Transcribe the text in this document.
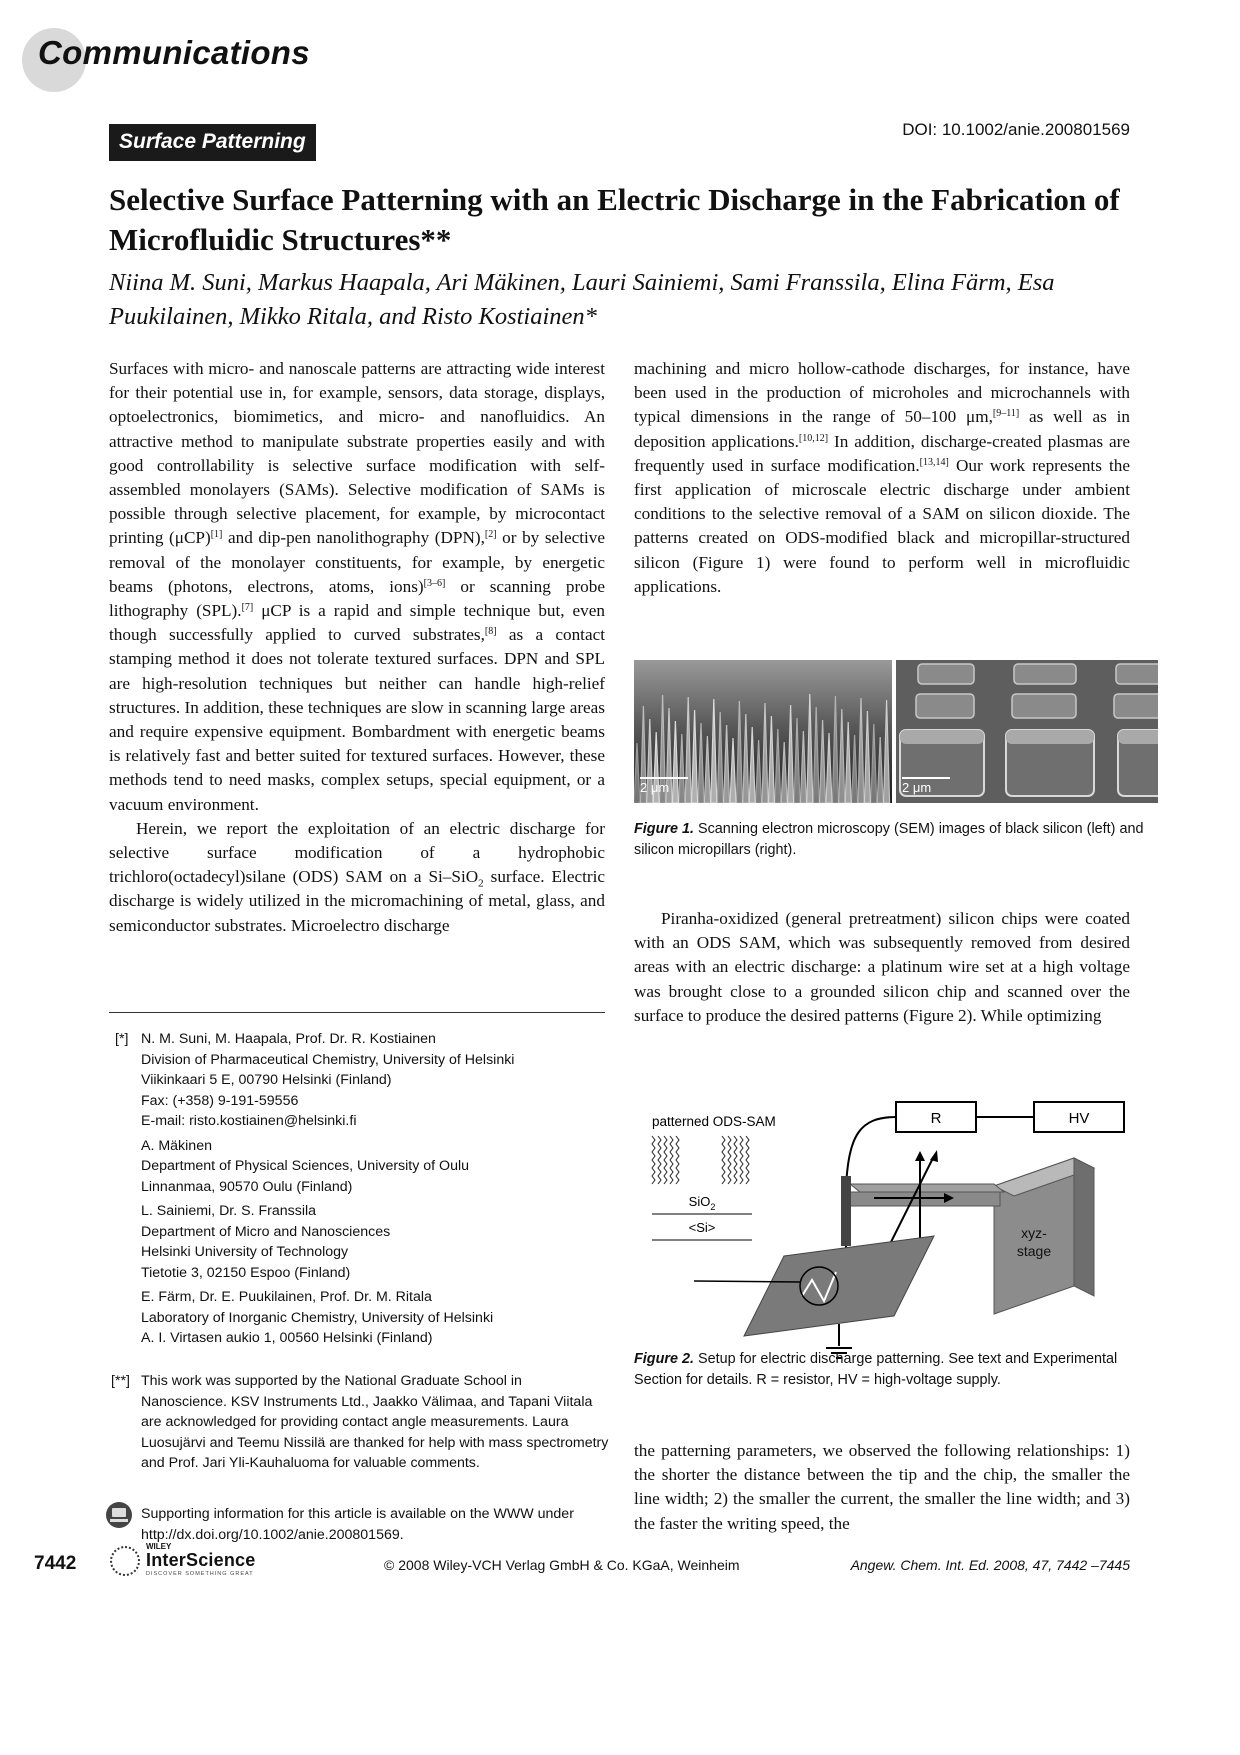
Communications
Surface Patterning
DOI: 10.1002/anie.200801569
Selective Surface Patterning with an Electric Discharge in the Fabrication of Microfluidic Structures**
Niina M. Suni, Markus Haapala, Ari Mäkinen, Lauri Sainiemi, Sami Franssila, Elina Färm, Esa Puukilainen, Mikko Ritala, and Risto Kostiainen*

Surfaces with micro- and nanoscale patterns are attracting wide interest for their potential use in, for example, sensors, data storage, displays, optoelectronics, biomimetics, and micro- and nanofluidics. An attractive method to manipulate substrate properties easily and with good controllability is selective surface modification with self-assembled monolayers (SAMs). Selective modification of SAMs is possible through selective placement, for example, by microcontact printing (μCP)[1] and dip-pen nanolithography (DPN),[2] or by selective removal of the monolayer constituents, for example, by energetic beams (photons, electrons, atoms, ions)[3–6] or scanning probe lithography (SPL).[7] μCP is a rapid and simple technique but, even though successfully applied to curved substrates,[8] as a contact stamping method it does not tolerate textured surfaces. DPN and SPL are high-resolution techniques but neither can handle high-relief structures. In addition, these techniques are slow in scanning large areas and require expensive equipment. Bombardment with energetic beams is relatively fast and better suited for textured surfaces. However, these methods tend to need masks, complex setups, special equipment, or a vacuum environment.

Herein, we report the exploitation of an electric discharge for selective surface modification of a hydrophobic trichloro(octadecyl)silane (ODS) SAM on a Si–SiO$_2$ surface. Electric discharge is widely utilized in the micromachining of metal, glass, and semiconductor substrates. Microelectro discharge

machining and micro hollow-cathode discharges, for instance, have been used in the production of microholes and microchannels with typical dimensions in the range of 50–100 μm,[9–11] as well as in deposition applications.[10,12] In addition, discharge-created plasmas are frequently used in surface modification.[13,14] Our work represents the first application of microscale electric discharge under ambient conditions to the selective removal of a SAM on silicon dioxide. The patterns created on ODS-modified black and micropillar-structured silicon (Figure 1) were found to perform well in microfluidic applications.

2 μm	2 μm
Figure 1. Scanning electron microscopy (SEM) images of black silicon (left) and silicon micropillars (right).

Piranha-oxidized (general pretreatment) silicon chips were coated with an ODS SAM, which was subsequently removed from desired areas with an electric discharge: a platinum wire set at a high voltage was brought close to a grounded silicon chip and scanned over the surface to produce the desired patterns (Figure 2). While optimizing

R	HV
xyz-
stage
patterned ODS-SAM
SiO$_2$
<Si>
Figure 2. Setup for electric discharge patterning. See text and Experimental Section for details. R = resistor, HV = high-voltage supply.

the patterning parameters, we observed the following relationships: 1) the shorter the distance between the tip and the chip, the smaller the line width; 2) the smaller the current, the smaller the line width; and 3) the faster the writing speed, the

[*] N. M. Suni, M. Haapala, Prof. Dr. R. Kostiainen
Division of Pharmaceutical Chemistry, University of Helsinki
Viikinkaari 5 E, 00790 Helsinki (Finland)
Fax: (+358) 9-191-59556
E-mail: risto.kostiainen@helsinki.fi
A. Mäkinen
Department of Physical Sciences, University of Oulu
Linnanmaa, 90570 Oulu (Finland)
L. Sainiemi, Dr. S. Franssila
Department of Micro and Nanosciences
Helsinki University of Technology
Tietotie 3, 02150 Espoo (Finland)
E. Färm, Dr. E. Puukilainen, Prof. Dr. M. Ritala
Laboratory of Inorganic Chemistry, University of Helsinki
A. I. Virtasen aukio 1, 00560 Helsinki (Finland)
[**] This work was supported by the National Graduate School in Nanoscience. KSV Instruments Ltd., Jaakko Välimaa, and Tapani Viitala are acknowledged for providing contact angle measurements. Laura Luosujärvi and Teemu Nissilä are thanked for help with mass spectrometry and Prof. Jari Yli-Kauhaluoma for valuable comments.
Supporting information for this article is available on the WWW under http://dx.doi.org/10.1002/anie.200801569.
7442
WILEY
InterScience
DISCOVER SOMETHING GREAT
© 2008 Wiley-VCH Verlag GmbH & Co. KGaA, Weinheim	Angew. Chem. Int. Ed. 2008, 47, 7442 –7445
